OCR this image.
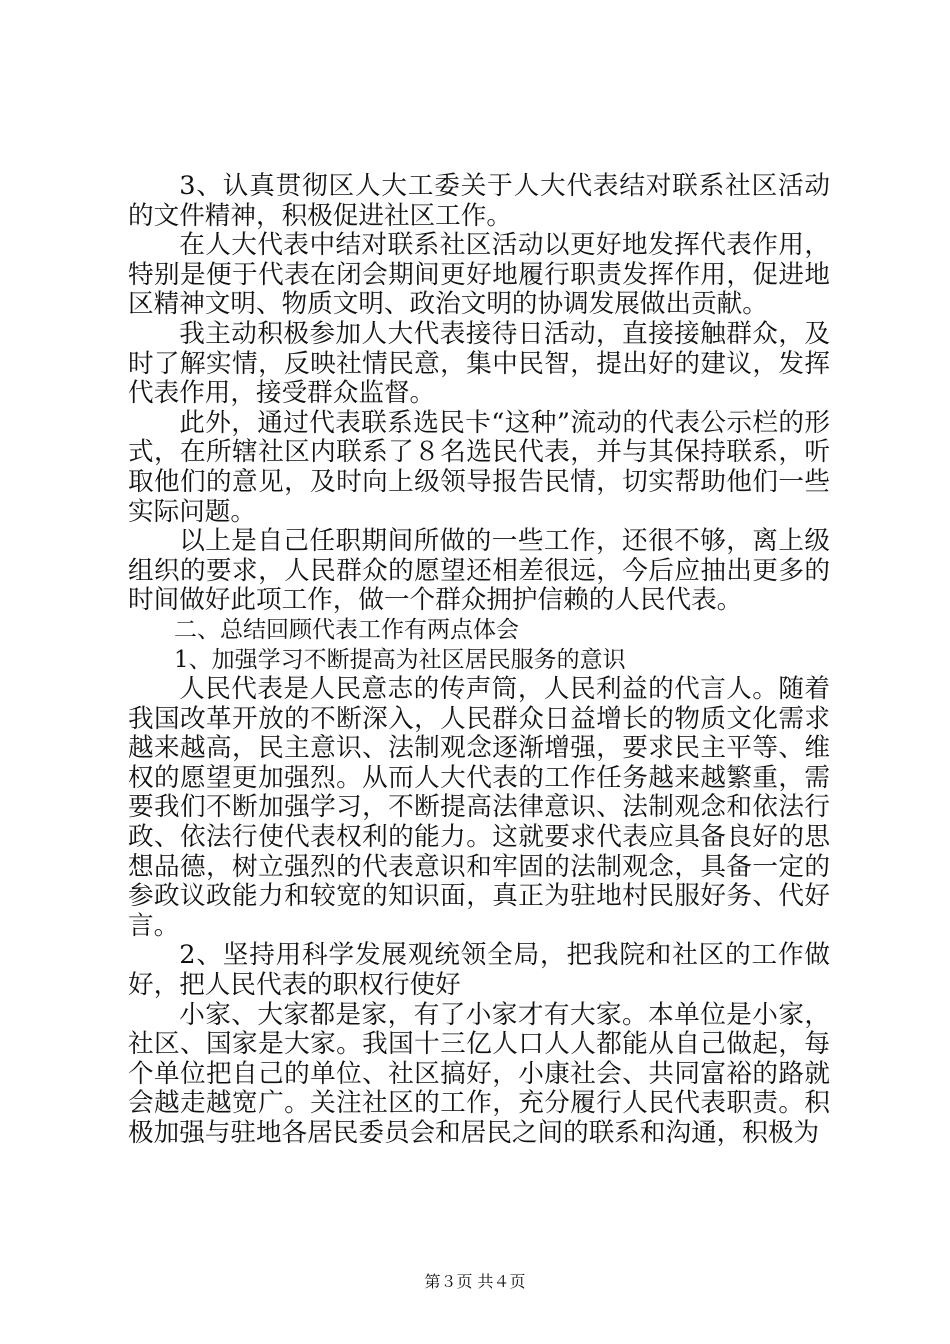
3、认真贯彻区人大工委关于人大代表结对联系社区活动的文件精神，积极促进社区工作。

在人大代表中结对联系社区活动以更好地发挥代表作用，特别是便于代表在闭会期间更好地履行职责发挥作用，促进地区精神文明、物质文明、政治文明的协调发展做出贡献。

我主动积极参加人大代表接待日活动，直接接触群众，及时了解实情，反映社情民意，集中民智，提出好的建议，发挥代表作用，接受群众监督。

此外，通过代表联系选民卡“这种”流动的代表公示栏的形式，在所辖社区内联系了８名选民代表，并与其保持联系，听取他们的意见，及时向上级领导报告民情，切实帮助他们一些实际问题。

以上是自己任职期间所做的一些工作，还很不够，离上级组织的要求，人民群众的愿望还相差很远，今后应抽出更多的时间做好此项工作，做一个群众拥护信赖的人民代表。

二、总结回顾代表工作有两点体会

1、加强学习不断提高为社区居民服务的意识

人民代表是人民意志的传声筒，人民利益的代言人。随着我国改革开放的不断深入，人民群众日益增长的物质文化需求越来越高，民主意识、法制观念逐渐增强，要求民主平等、维权的愿望更加强烈。从而人大代表的工作任务越来越繁重，需要我们不断加强学习，不断提高法律意识、法制观念和依法行政、依法行使代表权利的能力。这就要求代表应具备良好的思想品德，树立强烈的代表意识和牢固的法制观念，具备一定的参政议政能力和较宽的知识面，真正为驻地村民服好务、代好言。

2、坚持用科学发展观统领全局，把我院和社区的工作做好，把人民代表的职权行使好

小家、大家都是家，有了小家才有大家。本单位是小家，社区、国家是大家。我国十三亿人口人人都能从自己做起，每个单位把自己的单位、社区搞好，小康社会、共同富裕的路就会越走越宽广。关注社区的工作，充分履行人民代表职责。积极加强与驻地各居民委员会和居民之间的联系和沟通，积极为

第３页 共４页
